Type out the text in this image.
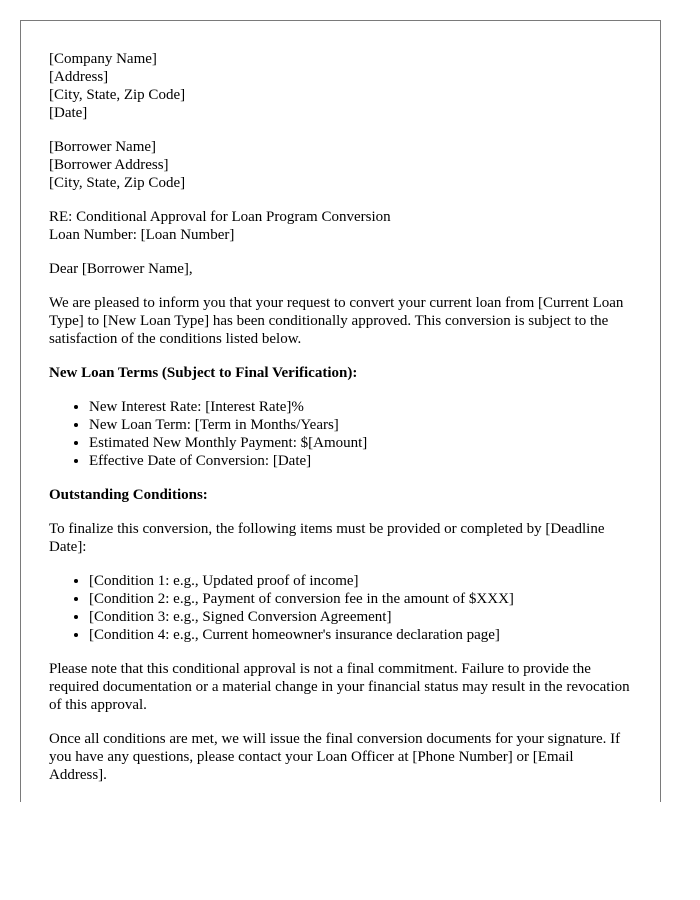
[Company Name]
[Address]
[City, State, Zip Code]
[Date]
[Borrower Name]
[Borrower Address]
[City, State, Zip Code]
RE: Conditional Approval for Loan Program Conversion
Loan Number: [Loan Number]

Dear [Borrower Name],

We are pleased to inform you that your request to convert your current loan from [Current Loan Type] to [New Loan Type] has been conditionally approved. This conversion is subject to the satisfaction of the conditions listed below.

New Loan Terms (Subject to Final Verification):
• New Interest Rate: [Interest Rate]%
• New Loan Term: [Term in Months/Years]
• Estimated New Monthly Payment: $[Amount]
• Effective Date of Conversion: [Date]
Outstanding Conditions:

To finalize this conversion, the following items must be provided or completed by [Deadline Date]:

• [Condition 1: e.g., Updated proof of income]
• [Condition 2: e.g., Payment of conversion fee in the amount of $XXX]
• [Condition 3: e.g., Signed Conversion Agreement]
• [Condition 4: e.g., Current homeowner's insurance declaration page]

Please note that this conditional approval is not a final commitment. Failure to provide the required documentation or a material change in your financial status may result in the revocation of this approval.

Once all conditions are met, we will issue the final conversion documents for your signature. If you have any questions, please contact your Loan Officer at [Phone Number] or [Email Address].
